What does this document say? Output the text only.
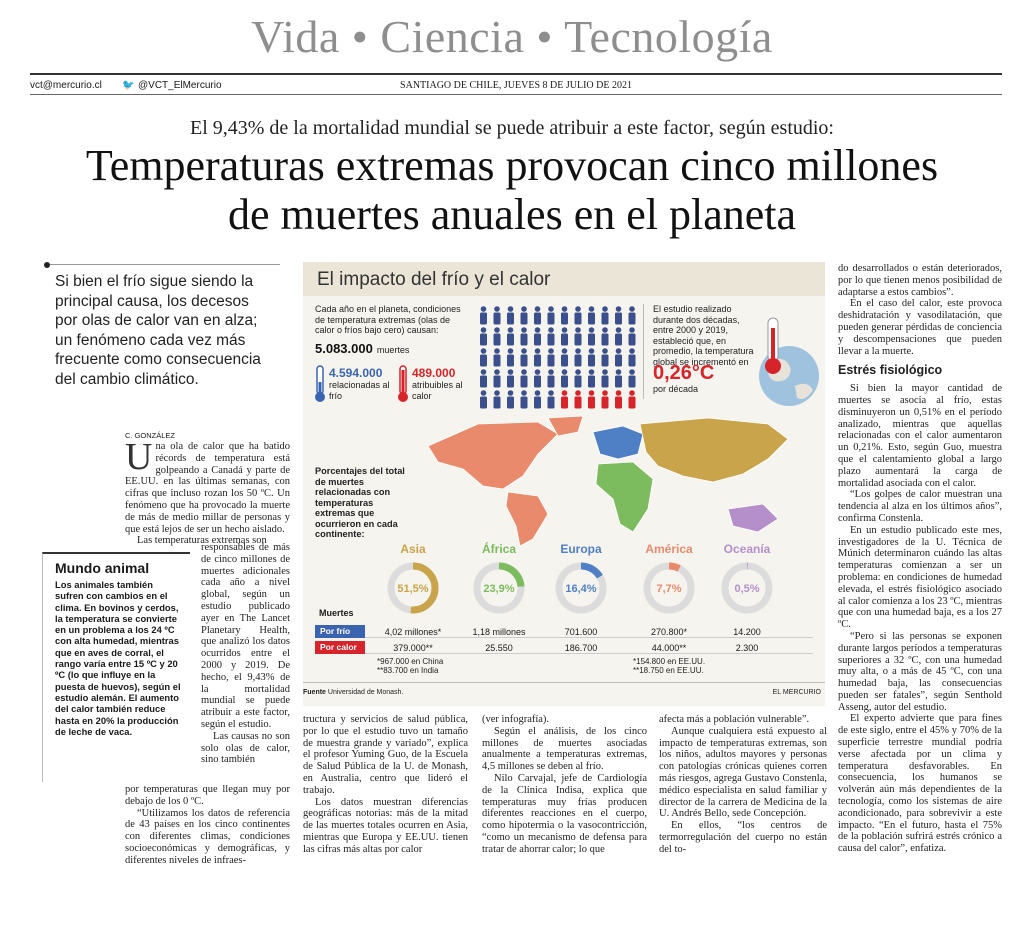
Vida • Ciencia • Tecnología
vct@mercurio.cl 🐦 @VCT_ElMercurio	SANTIAGO DE CHILE, JUEVES 8 DE JULIO DE 2021
El 9,43% de la mortalidad mundial se puede atribuir a este factor, según estudio:
Temperaturas extremas provocan cinco millones de muertes anuales en el planeta
Si bien el frío sigue siendo la principal causa, los decesos por olas de calor van en alza; un fenómeno cada vez más frecuente como consecuencia del cambio climático.
C. GONZÁLEZ
Una ola de calor que ha batido récords de temperatura está golpeando a Canadá y parte de EE.UU. en las últimas semanas, con cifras que incluso rozan los 50 ºC. Un fenómeno que ha provocado la muerte de más de medio millar de personas y que está lejos de ser un hecho aislado.

Las temperaturas extremas son

responsables de más de cinco millones de muertes adicionales cada año a nivel global, según un estudio publicado ayer en The Lancet Planetary Health, que analizó los datos ocurridos entre el 2000 y 2019. De hecho, el 9,43% de la mortalidad mundial se puede atribuir a este factor, según el estudio.

Las causas no son solo olas de calor, sino también

por temperaturas que llegan muy por debajo de los 0 ºC.

“Utilizamos los datos de referencia de 43 países en los cinco continentes con diferentes climas, condiciones socioeconómicas y demográficas, y diferentes niveles de infraes-

Mundo animal

Los animales también sufren con cambios en el clima. En bovinos y cerdos, la temperatura se convierte en un problema a los 24 ºC con alta humedad, mientras que en aves de corral, el rango varía entre 15 ºC y 20 ºC (lo que influye en la puesta de huevos), según el estudio alemán. El aumento del calor también reduce hasta en 20% la producción de leche de vaca.

tructura y servicios de salud pública, por lo que el estudio tuvo un tamaño de muestra grande y variado”, explica el profesor Yuming Guo, de la Escuela de Salud Pública de la U. de Monash, en Australia, centro que lideró el trabajo.

Los datos muestran diferencias geográficas notorias: más de la mitad de las muertes totales ocurren en Asia, mientras que Europa y EE.UU. tienen las cifras más altas por calor

(ver infografía).

Según el análisis, de los cinco millones de muertes asociadas anualmente a temperaturas extremas, 4,5 millones se deben al frío.

Nilo Carvajal, jefe de Cardiología de la Clínica Indisa, explica que temperaturas muy frías producen diferentes reacciones en el cuerpo, como hipotermia o la vasocontricción, “como un mecanismo de defensa para tratar de ahorrar calor; lo que

afecta más a población vulnerable”.

Aunque cualquiera está expuesto al impacto de temperaturas extremas, son los niños, adultos mayores y personas con patologías crónicas quienes corren más riesgos, agrega Gustavo Constenla, médico especialista en salud familiar y director de la carrera de Medicina de la U. Andrés Bello, sede Concepción.

En ellos, “los centros de termorregulación del cuerpo no están del to-

do desarrollados o están deteriorados, por lo que tienen menos posibilidad de adaptarse a estos cambios”.

En el caso del calor, este provoca deshidratación y vasodilatación, que pueden generar pérdidas de conciencia y descompensaciones que pueden llevar a la muerte.

Estrés fisiológico

Si bien la mayor cantidad de muertes se asocia al frío, estas disminuyeron un 0,51% en el período analizado, mientras que aquellas relacionadas con el calor aumentaron un 0,21%. Esto, según Guo, muestra que el calentamiento global a largo plazo aumentará la carga de mortalidad asociada con el calor.

“Los golpes de calor muestran una tendencia al alza en los últimos años”, confirma Constenla.

En un estudio publicado este mes, investigadores de la U. Técnica de Múnich determinaron cuándo las altas temperaturas comienzan a ser un problema: en condiciones de humedad elevada, el estrés fisiológico asociado al calor comienza a los 23 ºC, mientras que con una humedad baja, es a los 27 ºC.

“Pero si las personas se exponen durante largos períodos a temperaturas superiores a 32 ºC, con una humedad muy alta, o a más de 45 ºC, con una humedad baja, las consecuencias pueden ser fatales”, según Senthold Asseng, autor del estudio.

El experto advierte que para fines de este siglo, entre el 45% y 70% de la superficie terrestre mundial podría verse afectada por un clima y temperatura desfavorables. En consecuencia, los humanos se volverán aún más dependientes de la tecnología, como los sistemas de aire acondicionado, para sobrevivir a este impacto. “En el futuro, hasta el 75% de la población sufrirá estrés crónico a causa del calor”, enfatiza.

El impacto del frío y el calor
Cada año en el planeta, condiciones de temperatura extremas (olas de calor o fríos bajo cero) causan:
5.083.000 muertes
4.594.000
relacionadas al frío
489.000
atribuibles al calor
El estudio realizado durante dos décadas, entre 2000 y 2019, estableció que, en promedio, la temperatura global se incrementó en
0,26°C
por década
Porcentajes del total de muertes relacionadas con temperaturas extremas que ocurrieron en cada continente:
Asia
51,5%
África
23,9%
Europa
16,4%
América
7,7%
Oceanía
0,5%
Muertes
Por frío
Por calor
4,02 millones*	1,18 millones	701.600	270.800*	14.200
379.000**	25.550	186.700	44.000**	2.300
*967.000 en China
**83.700 en India
*154.800 en EE.UU.
**18.750 en EE.UU.
Fuente Universidad de Monash.	EL MERCURIO
